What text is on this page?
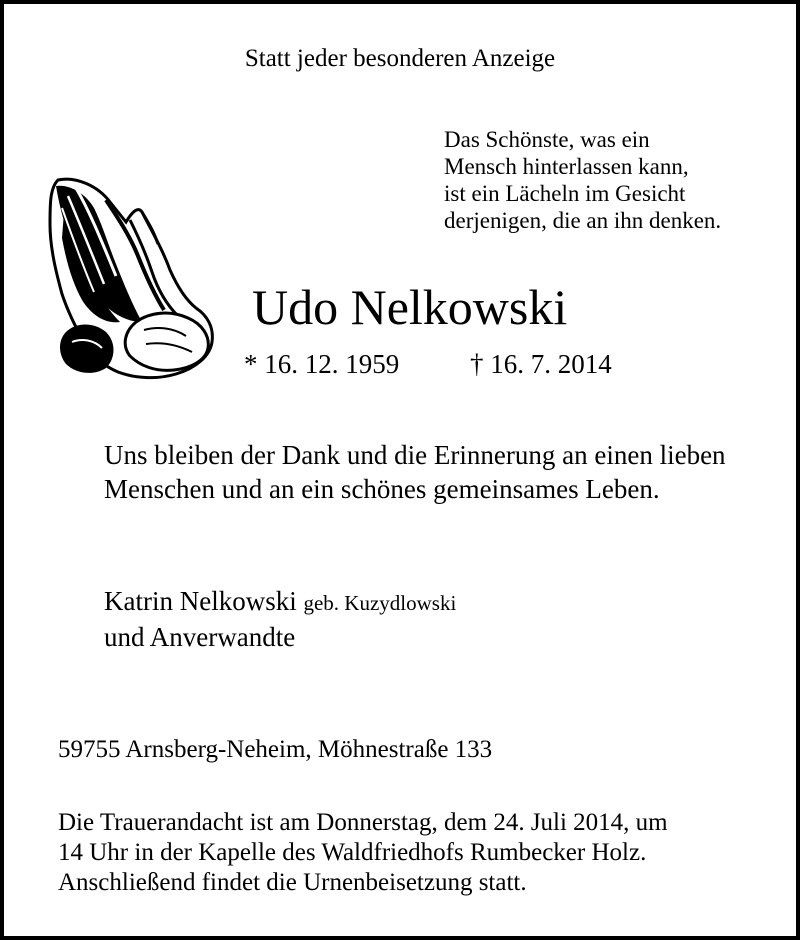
Statt jeder besonderen Anzeige
Das Schönste, was ein
Mensch hinterlassen kann,
ist ein Lächeln im Gesicht
derjenigen, die an ihn denken.
Udo Nelkowski
* 16. 12. 1959	† 16. 7. 2014
Uns bleiben der Dank und die Erinnerung an einen lieben
Menschen und an ein schönes gemeinsames Leben.
Katrin Nelkowski geb. Kuzydlowski
und Anverwandte
59755 Arnsberg-Neheim, Möhnestraße 133
Die Trauerandacht ist am Donnerstag, dem 24. Juli 2014, um
14 Uhr in der Kapelle des Waldfriedhofs Rumbecker Holz.
Anschließend findet die Urnenbeisetzung statt.
